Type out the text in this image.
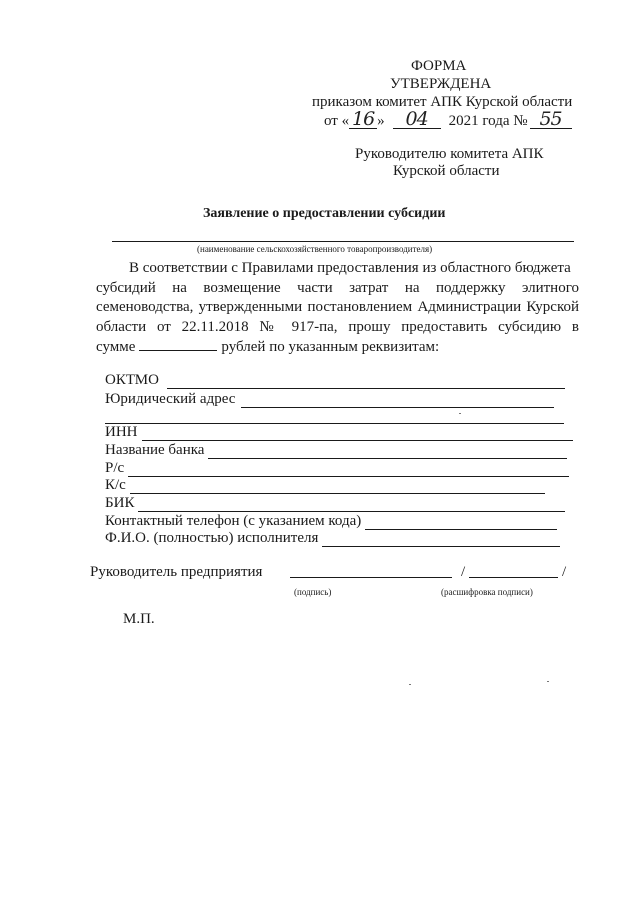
ФОРМА
УТВЕРЖДЕНА
приказом комитет АПК Курской области
от « 16 »	04	2021 года № 55
Руководителю комитета АПК
Курской области
Заявление о предоставлении субсидии
(наименование сельскохозяйственного товаропроизводителя)
В соответствии с Правилами предоставления из областного бюджета
субсидий на возмещение части затрат на поддержку элитного
семеноводства, утвержденными постановлением Администрации Курской
области от 22.11.2018 № 917-па, прошу предоставить субсидию в
сумме	рублей по указанным реквизитам:
ОКТМО
Юридический адрес
ИНН
Название банка
Р/с
К/с
БИК
Контактный телефон (с указанием кода)
Ф.И.О. (полностью) исполнителя
Руководитель предприятия	/	/
(подпись)	(расшифровка подписи)
М.П.
